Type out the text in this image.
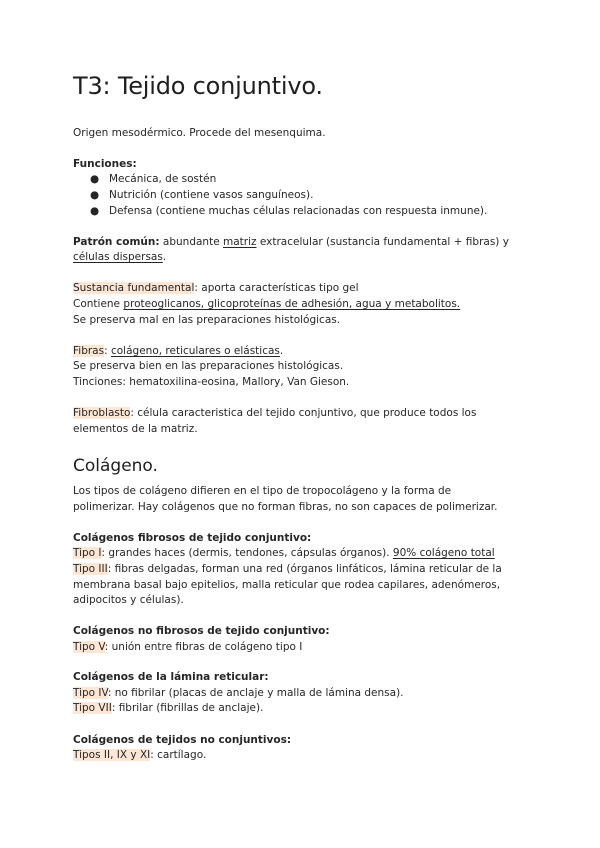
T3: Tejido conjuntivo.
Origen mesodérmico. Procede del mesenquima.
Funciones:
● Mecánica, de sostén
● Nutrición (contiene vasos sanguíneos).
● Defensa (contiene muchas células relacionadas con respuesta inmune).
Patrón común: abundante matriz extracelular (sustancia fundamental + fibras) y
células dispersas.
Sustancia fundamental: aporta características tipo gel
Contiene proteoglicanos, glicoproteínas de adhesión, agua y metabolitos.
Se preserva mal en las preparaciones histológicas.
Fibras: colágeno, reticulares o elásticas.
Se preserva bien en las preparaciones histológicas.
Tinciones: hematoxilina-eosina, Mallory, Van Gieson.
Fibroblasto: célula caracteristica del tejido conjuntivo, que produce todos los
elementos de la matriz.
Colágeno.
Los tipos de colágeno difieren en el tipo de tropocolágeno y la forma de
polimerizar. Hay colágenos que no forman fibras, no son capaces de polimerizar.
Colágenos fibrosos de tejido conjuntivo:
Tipo I: grandes haces (dermis, tendones, cápsulas órganos). 90% colágeno total
Tipo III: fibras delgadas, forman una red (órganos linfáticos, lámina reticular de la
membrana basal bajo epitelios, malla reticular que rodea capilares, adenómeros,
adipocitos y células).
Colágenos no fibrosos de tejido conjuntivo:
Tipo V: unión entre fibras de colágeno tipo I
Colágenos de la lámina reticular:
Tipo IV: no fibrilar (placas de anclaje y malla de lámina densa).
Tipo VII: fibrilar (fibrillas de anclaje).
Colágenos de tejidos no conjuntivos:
Tipos II, IX y XI: cartílago.
